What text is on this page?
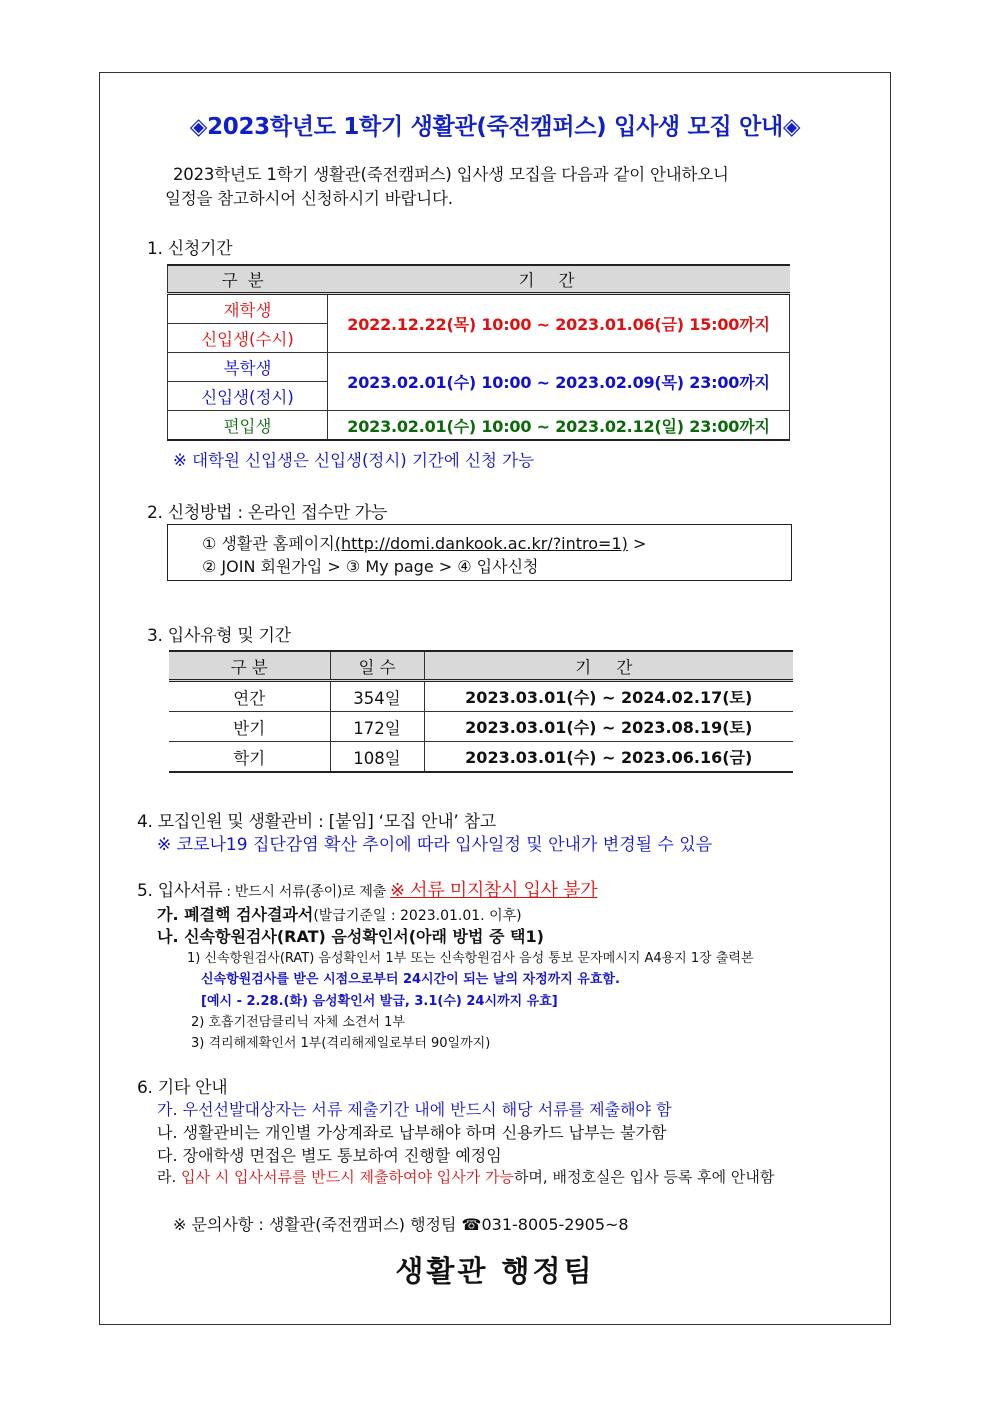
◈2023학년도 1학기 생활관(죽전캠퍼스) 입사생 모집 안내◈
2023학년도 1학기 생활관(죽전캠퍼스) 입사생 모집을 다음과 같이 안내하오니
일정을 참고하시어 신청하시기 바랍니다.
1. 신청기간
구분	기간
재학생	2022.12.22(목) 10:00 ~ 2023.01.06(금) 15:00까지
신입생(수시)	
복학생	2023.02.01(수) 10:00 ~ 2023.02.09(목) 23:00까지
신입생(정시)	
편입생	2023.02.01(수) 10:00 ~ 2023.02.12(일) 23:00까지
※ 대학원 신입생은 신입생(정시) 기간에 신청 가능
2. 신청방법 : 온라인 접수만 가능
① 생활관 홈페이지(http://domi.dankook.ac.kr/?intro=1) >
② JOIN 회원가입 > ③ My page > ④ 입사신청
3. 입사유형 및 기간
구 분	일 수	기 간
연간	354일	2023.03.01(수) ~ 2024.02.17(토)
반기	172일	2023.03.01(수) ~ 2023.08.19(토)
학기	108일	2023.03.01(수) ~ 2023.06.16(금)
4. 모집인원 및 생활관비 : [붙임] ‘모집 안내’ 참고
※ 코로나19 집단감염 확산 추이에 따라 입사일정 및 안내가 변경될 수 있음
5. 입사서류 : 반드시 서류(종이)로 제출 ※ 서류 미지참시 입사 불가
가. 폐결핵 검사결과서(발급기준일 : 2023.01.01. 이후)
나. 신속항원검사(RAT) 음성확인서(아래 방법 중 택1)
1) 신속항원검사(RAT) 음성확인서 1부 또는 신속항원검사 음성 통보 문자메시지 A4용지 1장 출력본
신속항원검사를 받은 시점으로부터 24시간이 되는 날의 자정까지 유효함.
[예시 - 2.28.(화) 음성확인서 발급, 3.1(수) 24시까지 유효]
2) 호흡기전담클리닉 자체 소견서 1부
3) 격리해제확인서 1부(격리해제일로부터 90일까지)
6. 기타 안내
가. 우선선발대상자는 서류 제출기간 내에 반드시 해당 서류를 제출해야 함
나. 생활관비는 개인별 가상계좌로 납부해야 하며 신용카드 납부는 불가함
다. 장애학생 면접은 별도 통보하여 진행할 예정임
라. 입사 시 입사서류를 반드시 제출하여야 입사가 가능하며, 배정호실은 입사 등록 후에 안내함
※ 문의사항 : 생활관(죽전캠퍼스) 행정팀 ☎031-8005-2905~8
생활관 행정팀
